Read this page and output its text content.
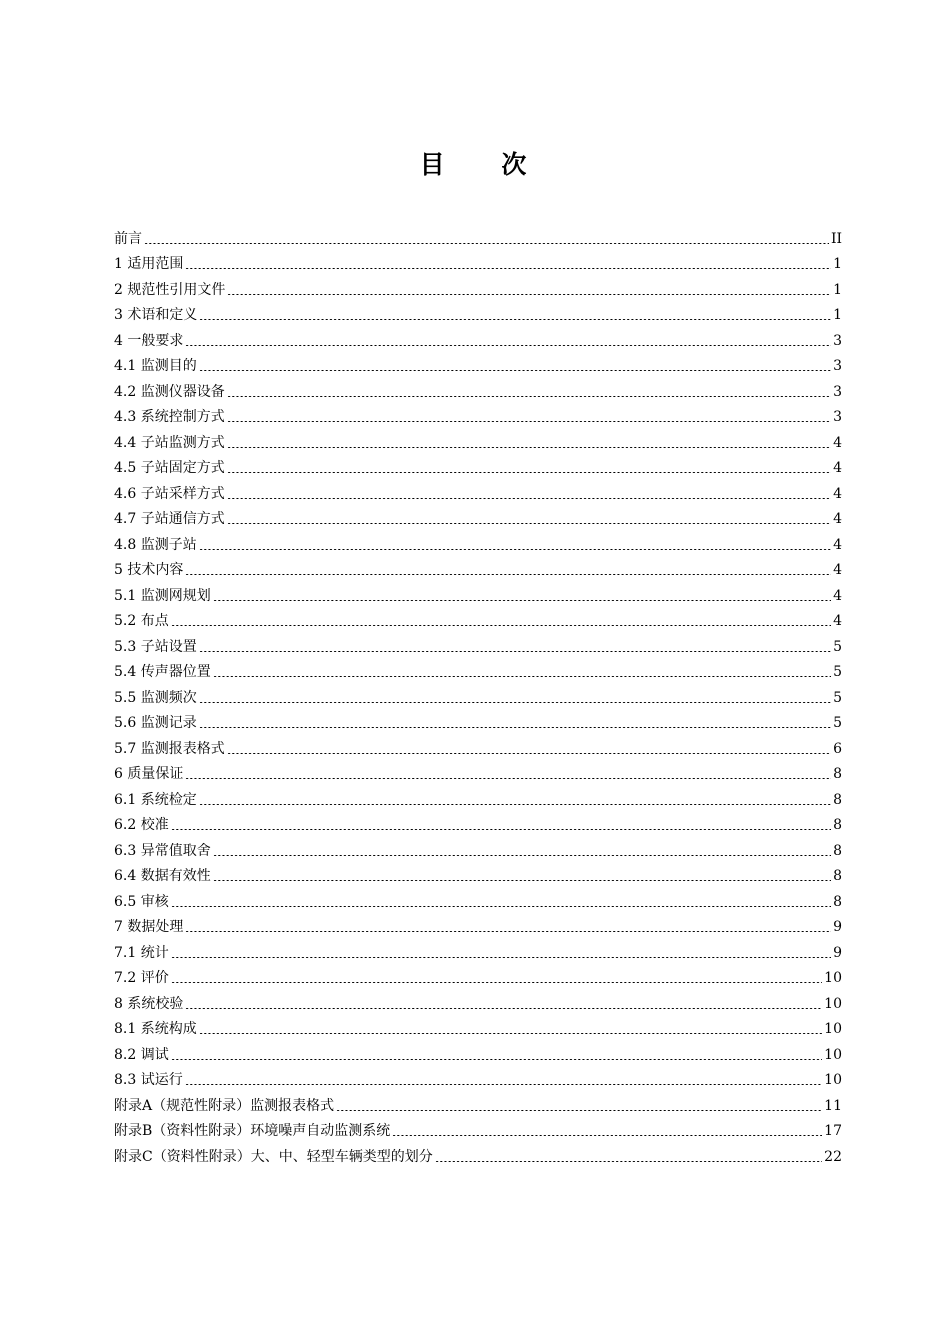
目 次
前言	II
1 适用范围	1
2 规范性引用文件	1
3 术语和定义	1
4 一般要求	3
4.1 监测目的	3
4.2 监测仪器设备	3
4.3 系统控制方式	3
4.4 子站监测方式	4
4.5 子站固定方式	4
4.6 子站采样方式	4
4.7 子站通信方式	4
4.8 监测子站	4
5 技术内容	4
5.1 监测网规划	4
5.2 布点	4
5.3 子站设置	5
5.4 传声器位置	5
5.5 监测频次	5
5.6 监测记录	5
5.7 监测报表格式	6
6 质量保证	8
6.1 系统检定	8
6.2 校准	8
6.3 异常值取舍	8
6.4 数据有效性	8
6.5 审核	8
7 数据处理	9
7.1 统计	9
7.2 评价	10
8 系统校验	10
8.1 系统构成	10
8.2 调试	10
8.3 试运行	10
附录A（规范性附录）监测报表格式	11
附录B（资料性附录）环境噪声自动监测系统	17
附录C（资料性附录）大、中、轻型车辆类型的划分	22
